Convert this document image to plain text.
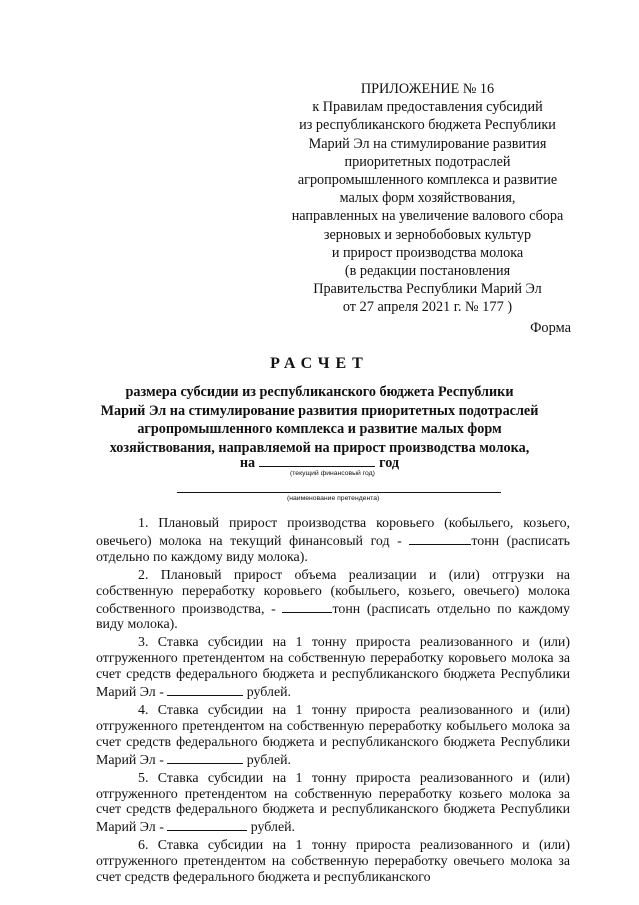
ПРИЛОЖЕНИЕ № 16
к Правилам предоставления субсидий
из республиканского бюджета Республики
Марий Эл на стимулирование развития
приоритетных подотраслей
агропромышленного комплекса и развитие
малых форм хозяйствования,
направленных на увеличение валового сбора
зерновых и зернобобовых культур
и прирост производства молока
(в редакции постановления
Правительства Республики Марий Эл
от 27 апреля 2021 г. № 177 )
Форма
РАСЧЕТ
размера субсидии из республиканского бюджета Республики
Марий Эл на стимулирование развития приоритетных подотраслей
агропромышленного комплекса и развитие малых форм
хозяйствования, направляемой на прирост производства молока,
на	год
(текущий финансовый год)
(наименование претендента)

1. Плановый прирост производства коровьего (кобыльего, козьего, овечьего) молока на текущий финансовый год -	тонн (расписать отдельно по каждому виду молока).

2. Плановый прирост объема реализации и (или) отгрузки на собственную переработку коровьего (кобыльего, козьего, овечьего) молока собственного производства, -	тонн (расписать отдельно по каждому виду молока).

3. Ставка субсидии на 1 тонну прироста реализованного и (или) отгруженного претендентом на собственную переработку коровьего молока за счет средств федерального бюджета и республиканского бюджета Республики Марий Эл -	рублей.

4. Ставка субсидии на 1 тонну прироста реализованного и (или) отгруженного претендентом на собственную переработку кобыльего молока за счет средств федерального бюджета и республиканского бюджета Республики Марий Эл -	рублей.

5. Ставка субсидии на 1 тонну прироста реализованного и (или) отгруженного претендентом на собственную переработку козьего молока за счет средств федерального бюджета и республиканского бюджета Республики Марий Эл -	рублей.

6. Ставка субсидии на 1 тонну прироста реализованного и (или) отгруженного претендентом на собственную переработку овечьего молока за счет средств федерального бюджета и республиканского
